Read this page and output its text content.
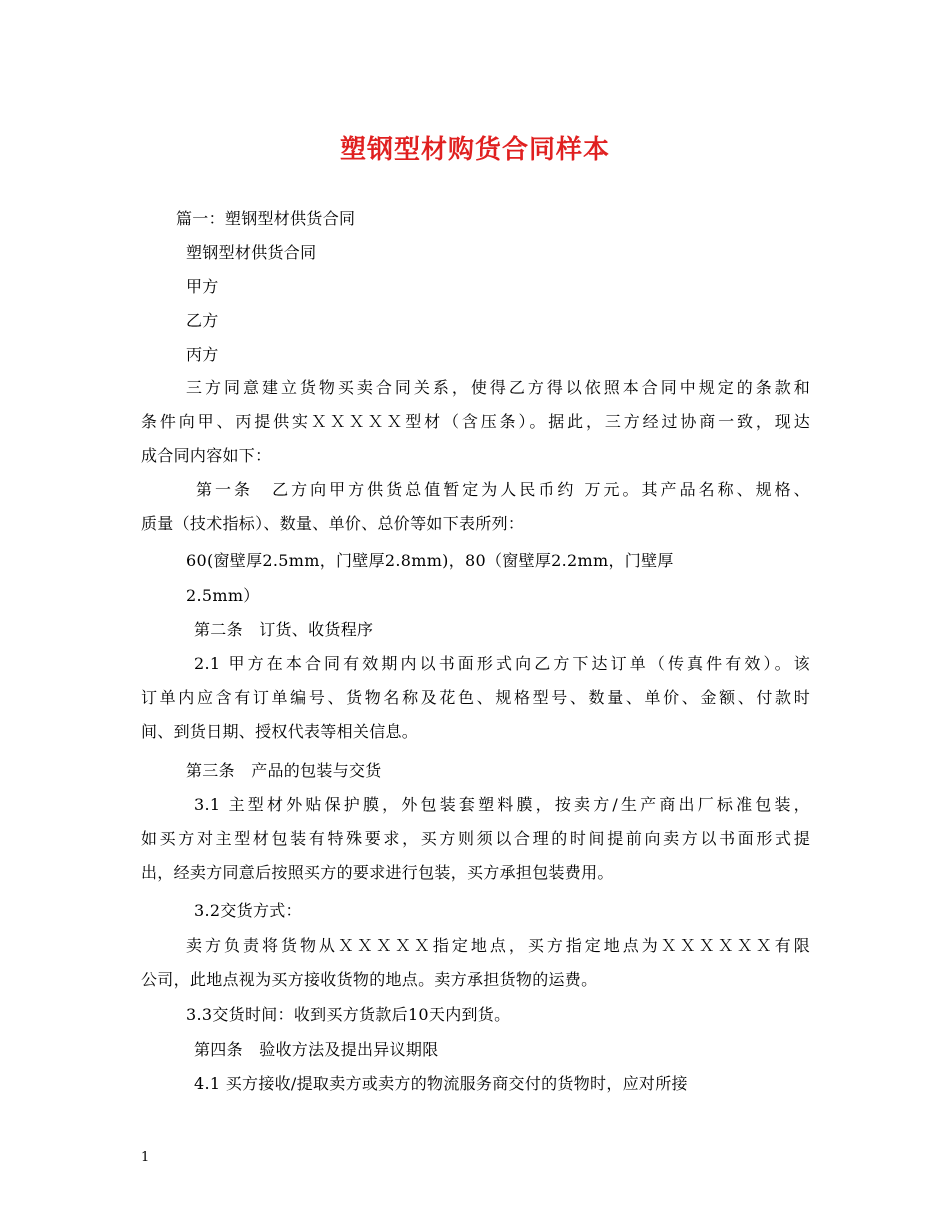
塑钢型材购货合同样本
篇一：塑钢型材供货合同
塑钢型材供货合同
甲方
乙方
丙方
三方同意建立货物买卖合同关系，使得乙方得以依照本合同中规定的条款和
条件向甲、丙提供实ＸＸＸＸＸ型材（含压条）。据此，三方经过协商一致，现达
成合同内容如下：
第一条　乙方向甲方供货总值暂定为人民币约 万元。其产品名称、规格、
质量（技术指标）、数量、单价、总价等如下表所列：
60(窗壁厚2.5mm，门壁厚2.8mm)，80（窗壁厚2.2mm，门壁厚
2.5mm）
第二条　订货、收货程序
2.1 甲方在本合同有效期内以书面形式向乙方下达订单（传真件有效）。该
订单内应含有订单编号、货物名称及花色、规格型号、数量、单价、金额、付款时
间、到货日期、授权代表等相关信息。
第三条　产品的包装与交货
3.1 主型材外贴保护膜，外包装套塑料膜，按卖方/生产商出厂标准包装，
如买方对主型材包装有特殊要求，买方则须以合理的时间提前向卖方以书面形式提
出，经卖方同意后按照买方的要求进行包装，买方承担包装费用。
3.2交货方式：
卖方负责将货物从ＸＸＸＸＸ指定地点，买方指定地点为ＸＸＸＸＸＸ有限
公司，此地点视为买方接收货物的地点。卖方承担货物的运费。
3.3交货时间：收到买方货款后10天内到货。
第四条　验收方法及提出异议期限
4.1 买方接收/提取卖方或卖方的物流服务商交付的货物时，应对所接
1
